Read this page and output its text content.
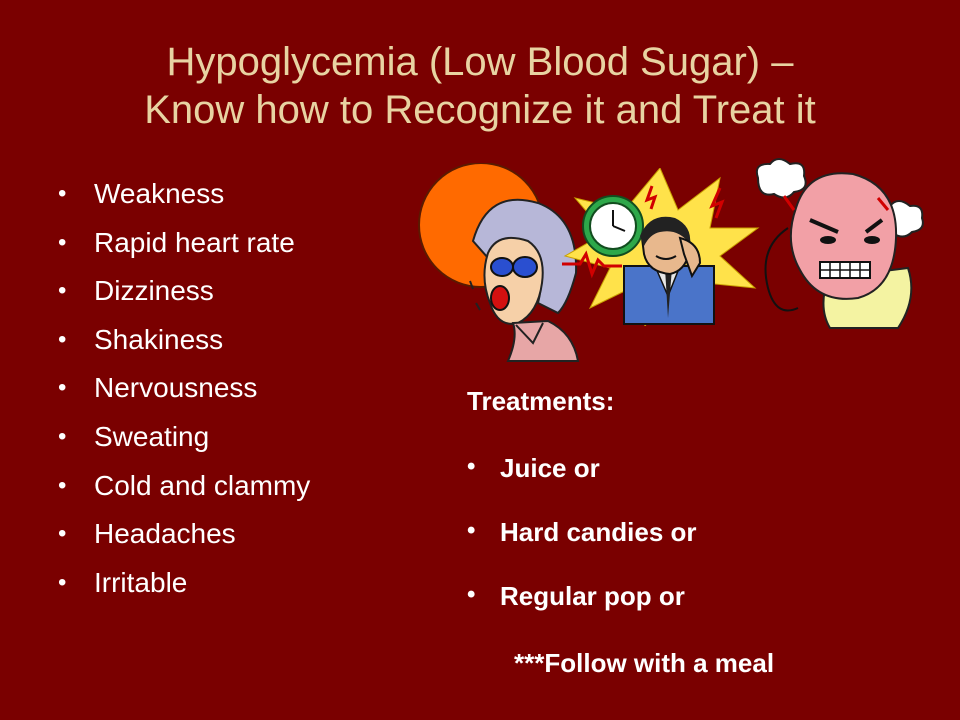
Hypoglycemia (Low Blood Sugar) –
Know how to Recognize it and Treat it
• Weakness
• Rapid heart rate
• Dizziness
• Shakiness
• Nervousness
• Sweating
• Cold and clammy
• Headaches
• Irritable
Treatments:
• Juice or
• Hard candies or
• Regular pop or
***Follow with a meal
